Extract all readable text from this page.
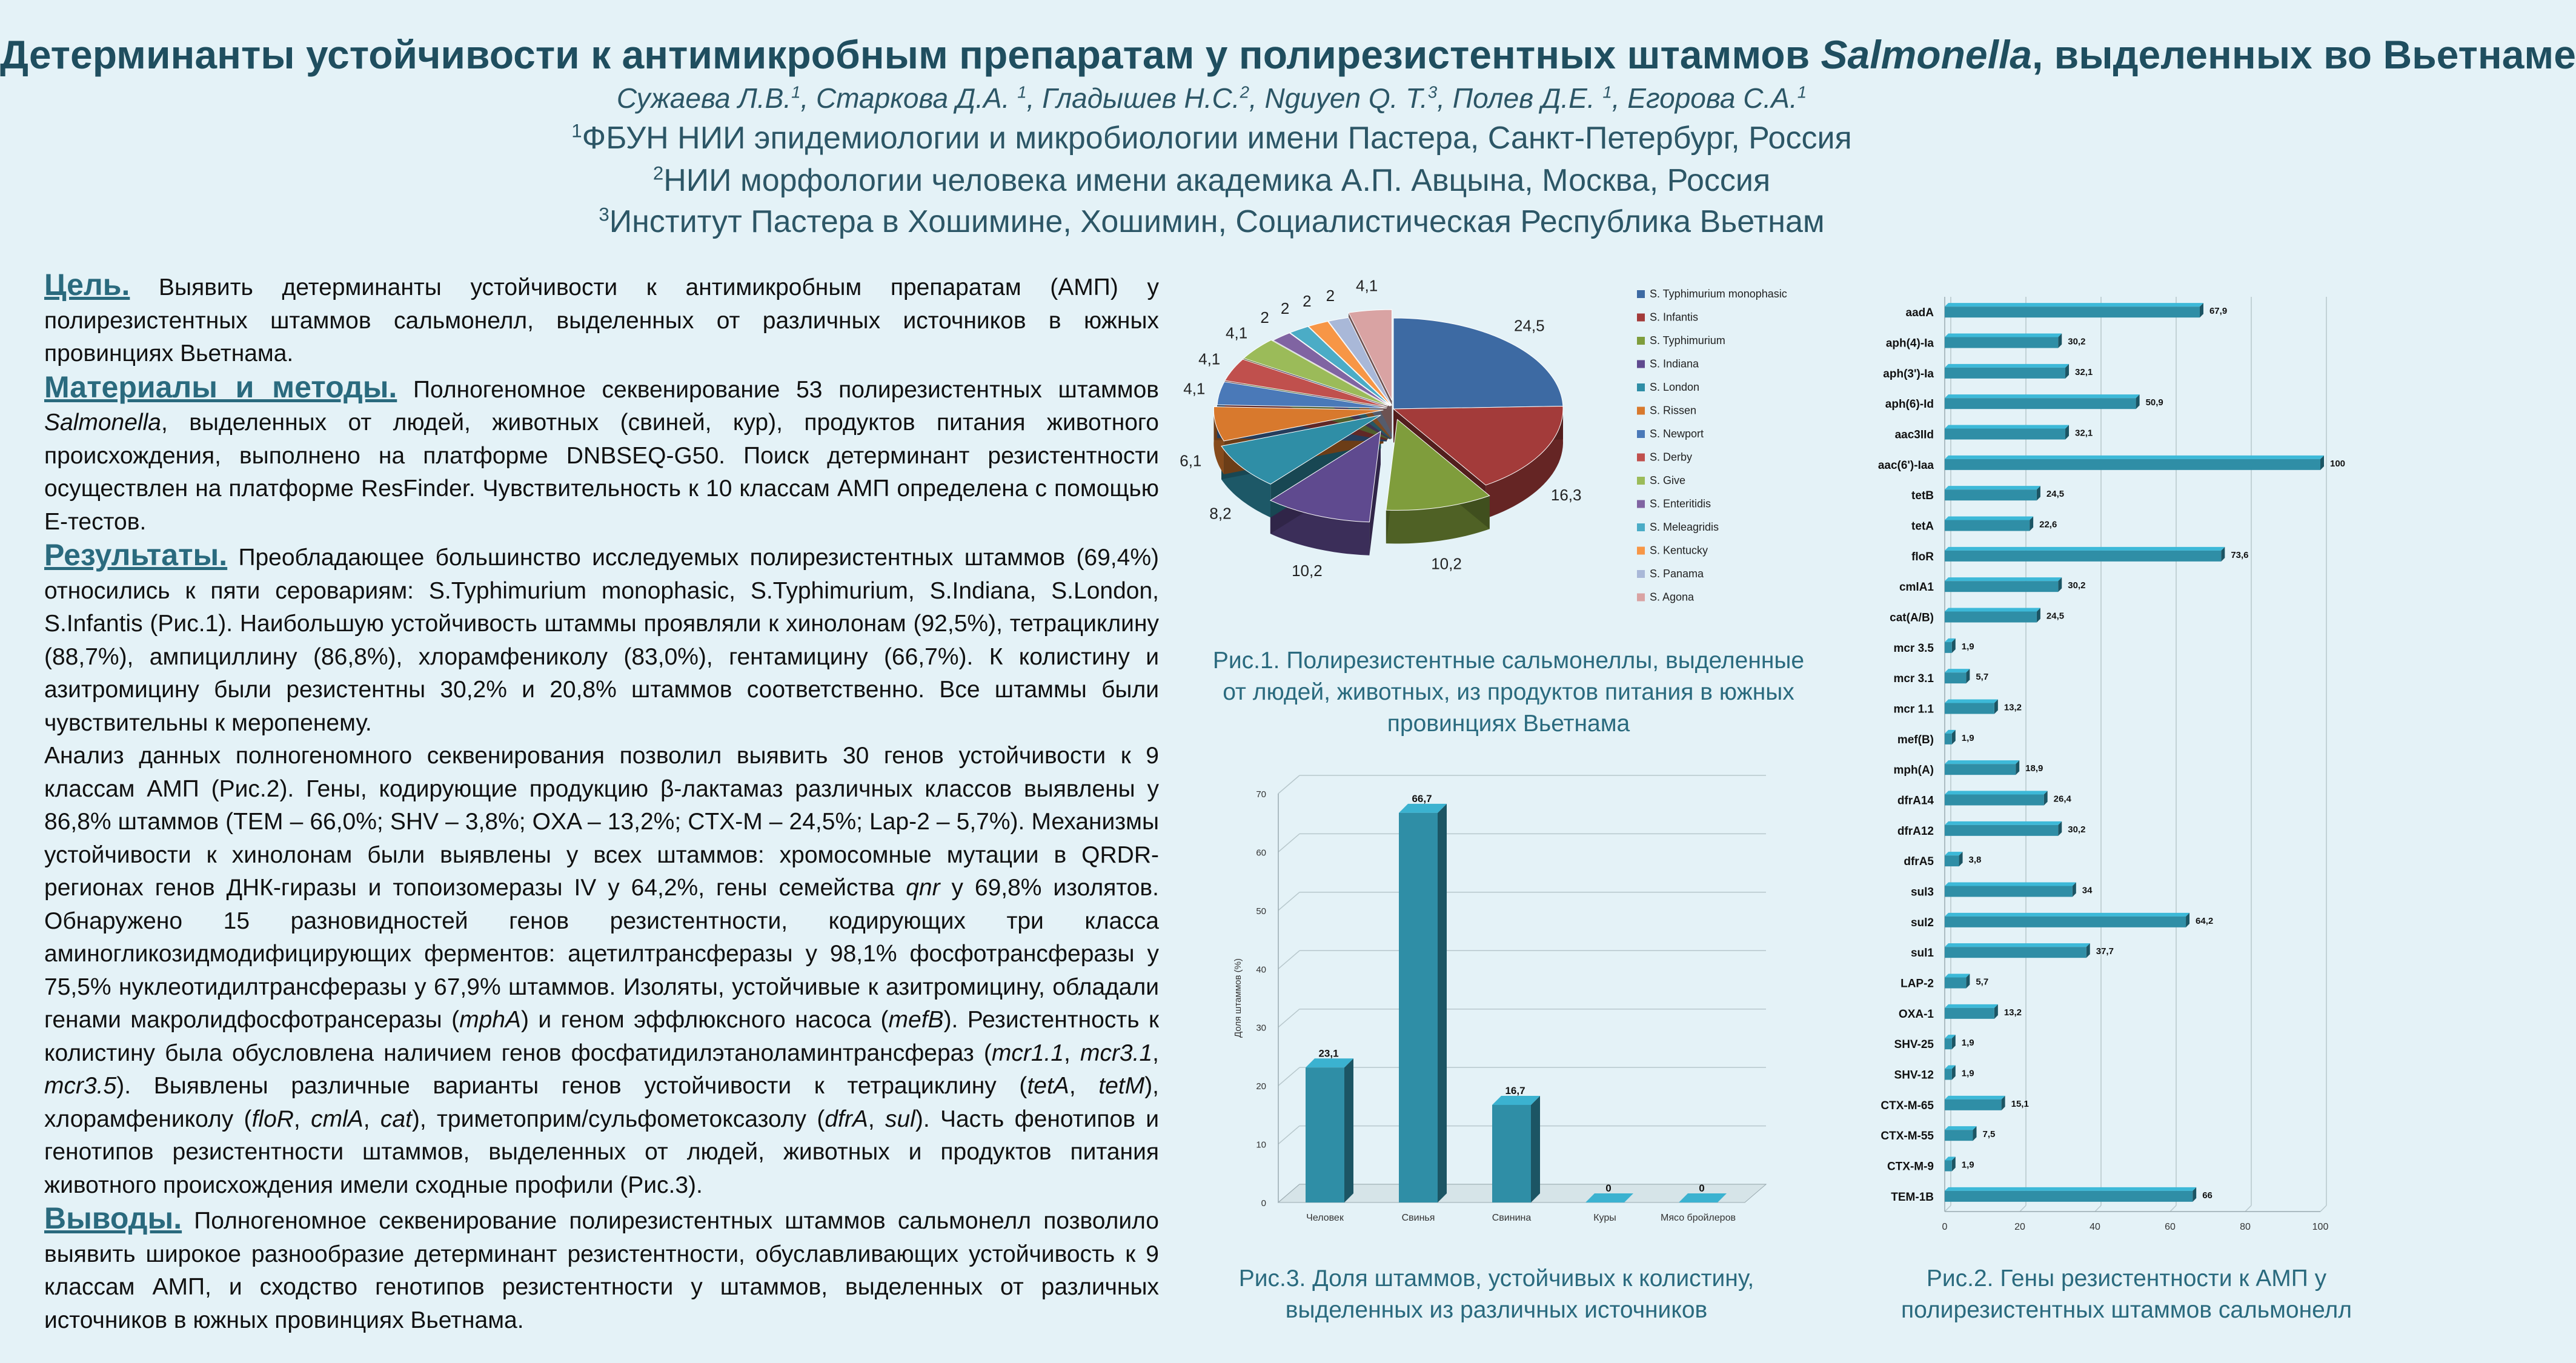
Детерминанты устойчивости к антимикробным препаратам у полирезистентных штаммов Salmonella, выделенных во Вьетнаме
Сужаева Л.В.$^1$, Старкова Д.А. $^1$, Гладышев Н.С.$^2$, Nguyen Q. T.$^3$, Полев Д.Е. $^1$, Егорова С.А.$^1$
$^1$ФБУН НИИ эпидемиологии и микробиологии имени Пастера, Санкт-Петербург, Россия
$^2$НИИ морфологии человека имени академика А.П. Авцына, Москва, Россия
$^3$Институт Пастера в Хошимине, Хошимин, Социалистическая Республика Вьетнам

Цель. Выявить детерминанты устойчивости к антимикробным препаратам (АМП) у полирезистентных штаммов сальмонелл, выделенных от различных источников в южных провинциях Вьетнама.

Материалы и методы. Полногеномное секвенирование 53 полирезистентных штаммов Salmonella, выделенных от людей, животных (свиней, кур), продуктов питания животного происхождения, выполнено на платформе DNBSEQ-G50. Поиск детерминант резистентности осуществлен на платформе ResFinder. Чувствительность к 10 классам АМП определена с помощью E-тестов.

Результаты. Преобладающее большинство исследуемых полирезистентных штаммов (69,4%) относились к пяти серовариям: S.Typhimurium monophasic, S.Typhimurium, S.Indiana, S.London, S.Infantis (Рис.1). Наибольшую устойчивость штаммы проявляли к хинолонам (92,5%), тетрациклину (88,7%), ампициллину (86,8%), хлорамфениколу (83,0%), гентамицину (66,7%). К колистину и азитромицину были резистентны 30,2% и 20,8% штаммов соответственно. Все штаммы были чувствительны к меропенему.

Анализ данных полногеномного секвенирования позволил выявить 30 генов устойчивости к 9 классам АМП (Рис.2). Гены, кодирующие продукцию β-лактамаз различных классов выявлены у 86,8% штаммов (TEM – 66,0%; SHV – 3,8%; OXA – 13,2%; CTX-M – 24,5%; Lap-2 – 5,7%). Механизмы устойчивости к хинолонам были выявлены у всех штаммов: хромосомные мутации в QRDR-регионах генов ДНК-гиразы и топоизомеразы IV у 64,2%, гены семейства qnr у 69,8% изолятов. Обнаружено 15 разновидностей генов резистентности, кодирующих три класса аминогликозидмодифицирующих ферментов: ацетилтрансферазы у 98,1% фосфотрансферазы у 75,5% нуклеотидилтрансферазы у 67,9% штаммов. Изоляты, устойчивые к азитромицину, обладали генами макролидфосфотрансеразы (mphA) и геном эффлюксного насоса (mefB). Резистентность к колистину была обусловлена наличием генов фосфатидилэтаноламинтрансфераз (mcr1.1, mcr3.1, mcr3.5). Выявлены различные варианты генов устойчивости к тетрациклину (tetA, tetM), хлорамфениколу (floR, cmlA, cat), триметоприм/сульфометоксазолу (dfrA, sul). Часть фенотипов и генотипов резистентности штаммов, выделенных от людей, животных и продуктов питания животного происхождения имели сходные профили (Рис.3).

Выводы. Полногеномное секвенирование полирезистентных штаммов сальмонелл позволило выявить широкое разнообразие детерминант резистентности, обуславливающих устойчивость к 9 классам АМП, и сходство генотипов резистентности у штаммов, выделенных от различных источников в южных провинциях Вьетнама.

24,5
16,3
10,2
10,2
8,2
6,1
4,1
4,1
4,1
2 2 2 2
4,1	S. Typhimurium monophasic
S. Infantis
S. Typhimurium
S. Indiana
S. London
S. Rissen
S. Newport
S. Derby
S. Give
S. Enteritidis
S. Meleagridis
S. Kentucky
S. Panama
S. Agona
Рис.1. Полирезистентные сальмонеллы, выделенные от людей, животных, из продуктов питания в южных провинциях Вьетнама
0
10
20
30
40
50
60
70
Доля штаммов (%)
23,1
Человек
66,7
Свинья
16,7
Свинина
0
Куры
0
Мясо бройлеров
Рис.3. Доля штаммов, устойчивых к колистину, выделенных из различных источников
0	20	40	60	80	100
aadA	67,9
aph(4)-Ia	30,2
aph(3')-Ia	32,1
aph(6)-Id	50,9
aac3IId	32,1
aac(6')-Iaa	100
tetB	24,5
tetA	22,6
floR	73,6
cmlA1	30,2
cat(A/B)	24,5
mcr 3.5	1,9
mcr 3.1	5,7
mcr 1.1	13,2
mef(B)	1,9
mph(A)	18,9
dfrA14	26,4
dfrA12	30,2
dfrA5	3,8
sul3	34
sul2	64,2
sul1	37,7
LAP-2	5,7
OXA-1	13,2
SHV-25	1,9
SHV-12	1,9
CTX-M-65	15,1
CTX-M-55	7,5
CTX-M-9	1,9
TEM-1B	66
Рис.2. Гены резистентности к АМП у полирезистентных штаммов сальмонелл
